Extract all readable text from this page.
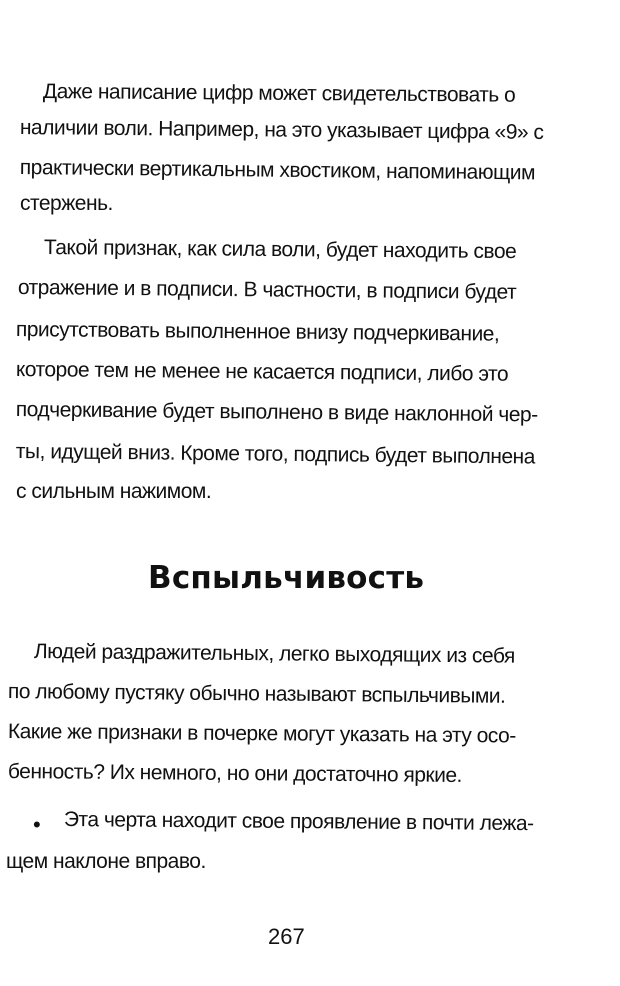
Даже написание цифр может свидетельствовать о
наличии воли. Например, на это указывает цифра «9» с
практически вертикальным хвостиком, напоминающим
стержень.
Такой признак, как сила воли, будет находить свое
отражение и в подписи. В частности, в подписи будет
присутствовать выполненное внизу подчеркивание,
которое тем не менее не касается подписи, либо это
подчеркивание будет выполнено в виде наклонной чер-
ты, идущей вниз. Кроме того, подпись будет выполнена
с сильным нажимом.
Вспыльчивость
Людей раздражительных, легко выходящих из себя
по любому пустяку обычно называют вспыльчивыми.
Какие же признаки в почерке могут указать на эту осо-
бенность? Их немного, но они достаточно яркие.
• Эта черта находит свое проявление в почти лежа-
щем наклоне вправо.
267
